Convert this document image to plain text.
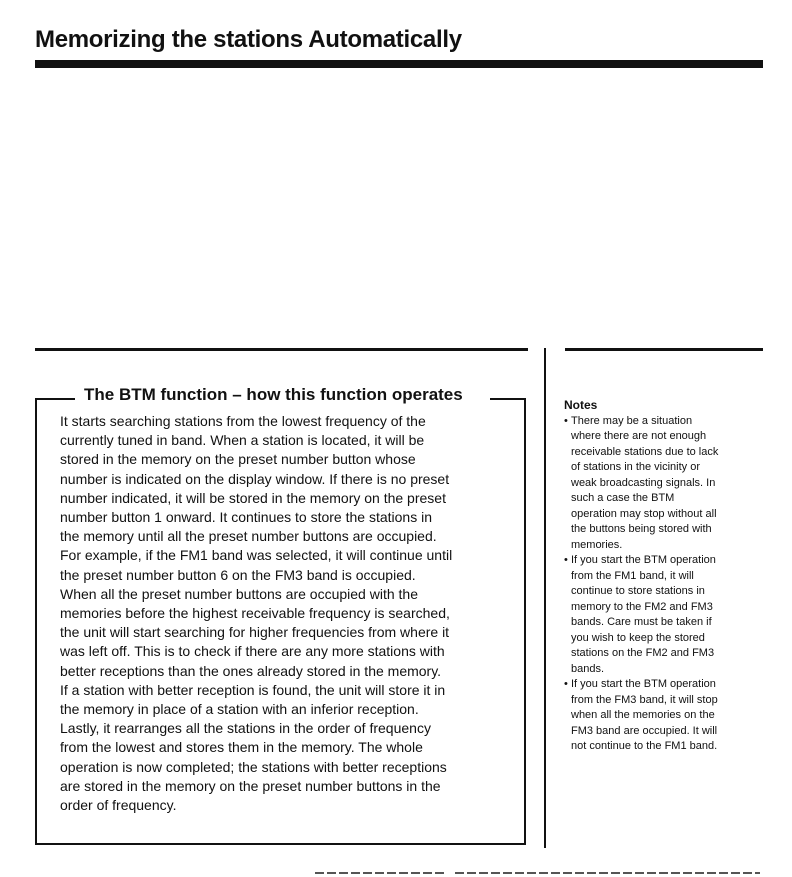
Memorizing the stations Automatically
The BTM function – how this function operates
It starts searching stations from the lowest frequency of the
currently tuned in band. When a station is located, it will be
stored in the memory on the preset number button whose
number is indicated on the display window. If there is no preset
number indicated, it will be stored in the memory on the preset
number button 1 onward. It continues to store the stations in
the memory until all the preset number buttons are occupied.
For example, if the FM1 band was selected, it will continue until
the preset number button 6 on the FM3 band is occupied.
When all the preset number buttons are occupied with the
memories before the highest receivable frequency is searched,
the unit will start searching for higher frequencies from where it
was left off. This is to check if there are any more stations with
better receptions than the ones already stored in the memory.
If a station with better reception is found, the unit will store it in
the memory in place of a station with an inferior reception.
Lastly, it rearranges all the stations in the order of frequency
from the lowest and stores them in the memory. The whole
operation is now completed; the stations with better receptions
are stored in the memory on the preset number buttons in the
order of frequency.

Notes

• There may be a situation
where there are not enough
receivable stations due to lack
of stations in the vicinity or
weak broadcasting signals. In
such a case the BTM
operation may stop without all
the buttons being stored with
memories.
• If you start the BTM operation
from the FM1 band, it will
continue to store stations in
memory to the FM2 and FM3
bands. Care must be taken if
you wish to keep the stored
stations on the FM2 and FM3
bands.
• If you start the BTM operation
from the FM3 band, it will stop
when all the memories on the
FM3 band are occupied. It will
not continue to the FM1 band.
